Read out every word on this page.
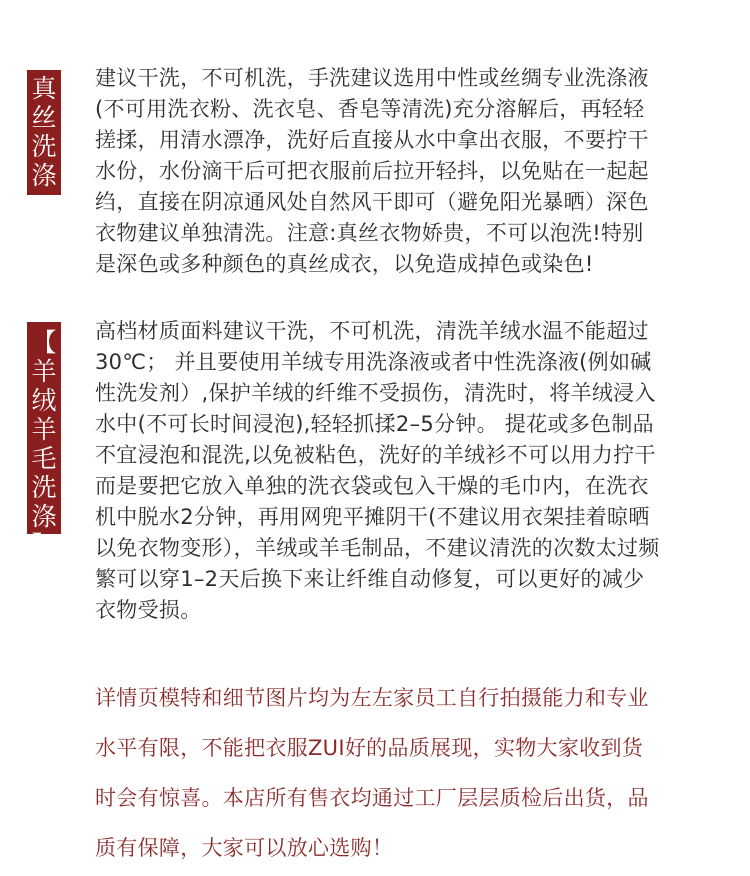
真
丝
洗
涤
建议干洗，不可机洗，手洗建议选用中性或丝绸专业洗涤液
(不可用洗衣粉、洗衣皂、香皂等清洗)充分溶解后，再轻轻
搓揉，用清水漂净，洗好后直接从水中拿出衣服，不要拧干
水份，水份滴干后可把衣服前后拉开轻抖，以免贴在一起起
绉，直接在阴凉通风处自然风干即可（避免阳光暴晒）深色
衣物建议单独清洗。注意:真丝衣物娇贵，不可以泡洗!特别
是深色或多种颜色的真丝成衣，以免造成掉色或染色!
【
羊
绒
羊
毛
洗
涤
】
高档材质面料建议干洗，不可机洗，清洗羊绒水温不能超过
30℃； 并且要使用羊绒专用洗涤液或者中性洗涤液(例如碱
性洗发剂）,保护羊绒的纤维不受损伤，清洗时，将羊绒浸入
水中(不可长时间浸泡),轻轻抓揉2–5分钟。 提花或多色制品
不宜浸泡和混洗,以免被粘色，洗好的羊绒衫不可以用力拧干
而是要把它放入单独的洗衣袋或包入干燥的毛巾内，在洗衣
机中脱水2分钟，再用网兜平摊阴干(不建议用衣架挂着晾晒
以免衣物变形），羊绒或羊毛制品，不建议清洗的次数太过频
繁可以穿1–2天后换下来让纤维自动修复，可以更好的减少
衣物受损。
详情页模特和细节图片均为左左家员工自行拍摄能力和专业
水平有限，不能把衣服ZUI好的品质展现，实物大家收到货
时会有惊喜。本店所有售衣均通过工厂层层质检后出货，品
质有保障，大家可以放心选购！
